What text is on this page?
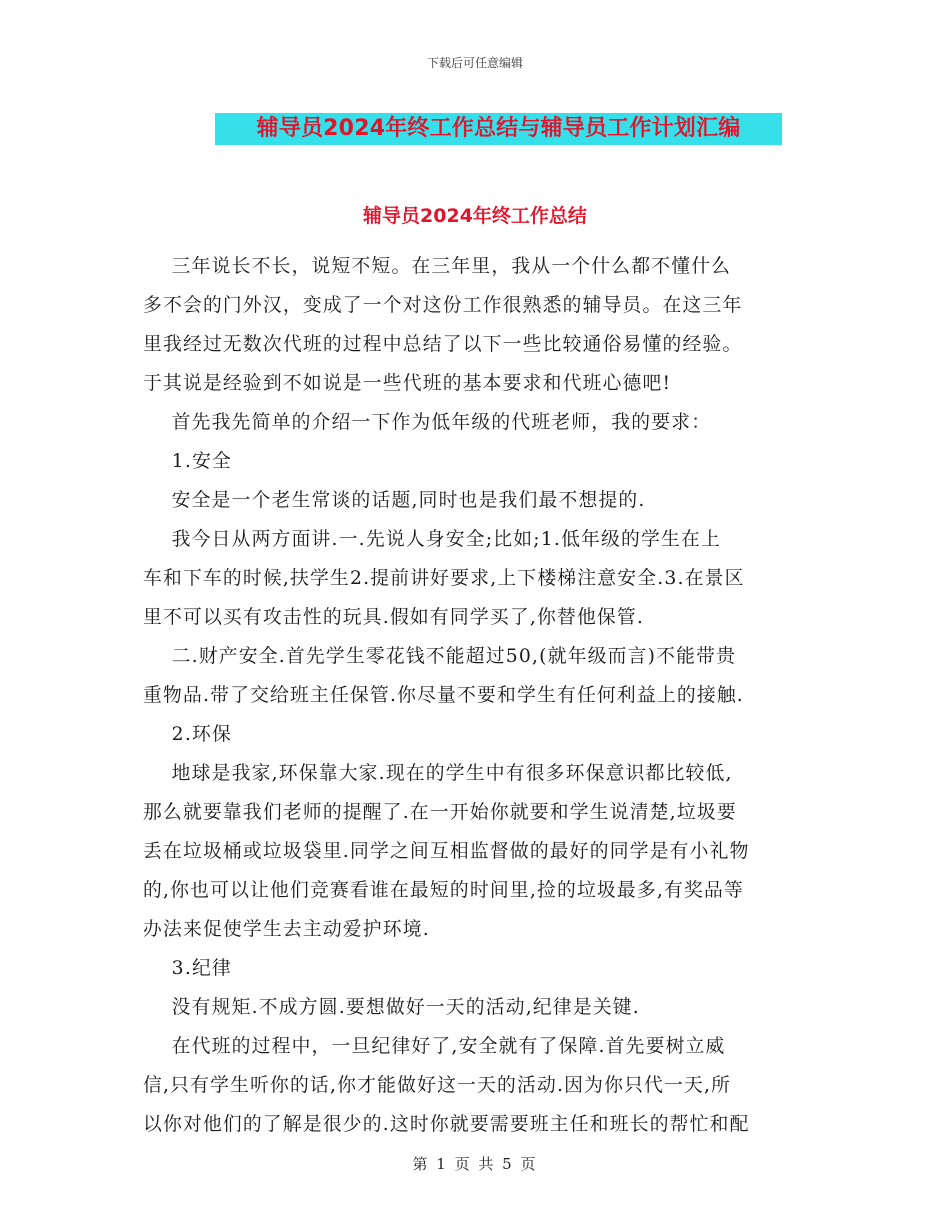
下载后可任意编辑
辅导员2024年终工作总结与辅导员工作计划汇编
辅导员2024年终工作总结

三年说长不长，说短不短。在三年里，我从一个什么都不懂什么

多不会的门外汉，变成了一个对这份工作很熟悉的辅导员。在这三年

里我经过无数次代班的过程中总结了以下一些比较通俗易懂的经验。

于其说是经验到不如说是一些代班的基本要求和代班心德吧!

首先我先简单的介绍一下作为低年级的代班老师，我的要求：

1.安全

安全是一个老生常谈的话题,同时也是我们最不想提的.

我今日从两方面讲.一.先说人身安全;比如;1.低年级的学生在上

车和下车的时候,扶学生2.提前讲好要求,上下楼梯注意安全.3.在景区

里不可以买有攻击性的玩具.假如有同学买了,你替他保管.

二.财产安全.首先学生零花钱不能超过50,(就年级而言)不能带贵

重物品.带了交给班主任保管.你尽量不要和学生有任何利益上的接触.

2.环保

地球是我家,环保靠大家.现在的学生中有很多环保意识都比较低,

那么就要靠我们老师的提醒了.在一开始你就要和学生说清楚,垃圾要

丢在垃圾桶或垃圾袋里.同学之间互相监督做的最好的同学是有小礼物

的,你也可以让他们竞赛看谁在最短的时间里,捡的垃圾最多,有奖品等

办法来促使学生去主动爱护环境.

3.纪律

没有规矩.不成方圆.要想做好一天的活动,纪律是关键.

在代班的过程中，一旦纪律好了,安全就有了保障.首先要树立威

信,只有学生听你的话,你才能做好这一天的活动.因为你只代一天,所

以你对他们的了解是很少的.这时你就要需要班主任和班长的帮忙和配

第 1 页 共 5 页
